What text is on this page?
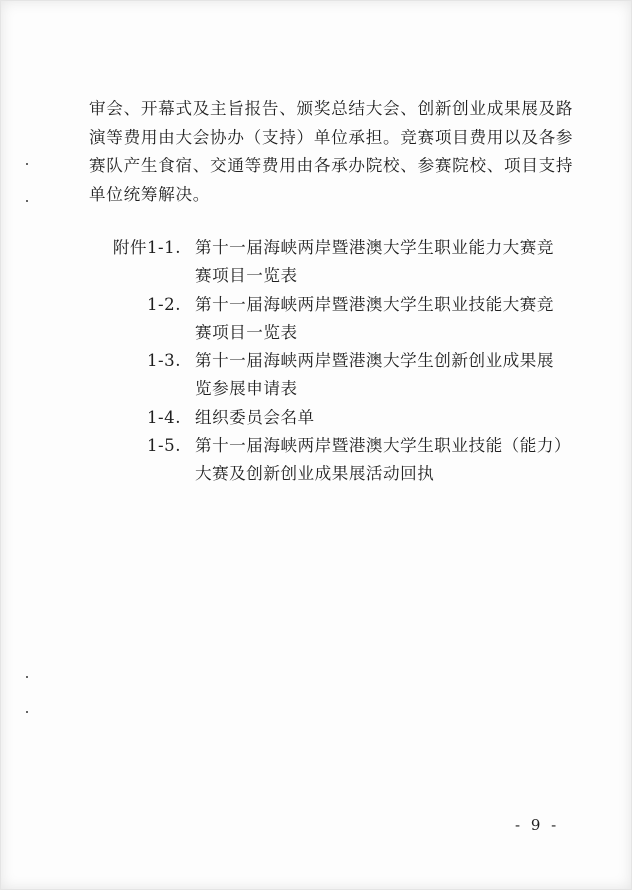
审会、开幕式及主旨报告、颁奖总结大会、创新创业成果展及路
演等费用由大会协办（支持）单位承担。竞赛项目费用以及各参
赛队产生食宿、交通等费用由各承办院校、参赛院校、项目支持
单位统筹解决。
附件1-1. 第十一届海峡两岸暨港澳大学生职业能力大赛竞
赛项目一览表
1-2. 第十一届海峡两岸暨港澳大学生职业技能大赛竞
赛项目一览表
1-3. 第十一届海峡两岸暨港澳大学生创新创业成果展
览参展申请表
1-4. 组织委员会名单
1-5. 第十一届海峡两岸暨港澳大学生职业技能（能力）
大赛及创新创业成果展活动回执
- 9 -
